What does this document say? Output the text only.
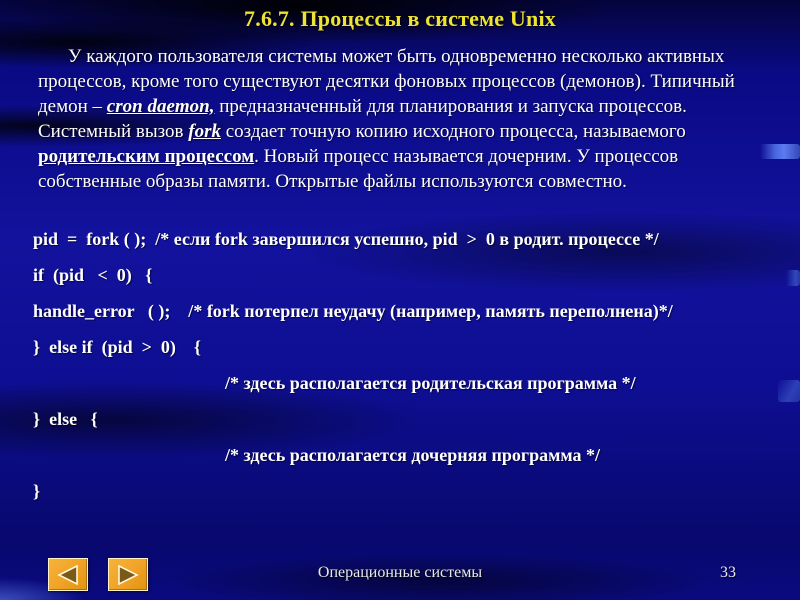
7.6.7. Процессы в системе Unix
У каждого пользователя системы может быть одновременно несколько активных процессов, кроме того существуют десятки фоновых процессов (демонов). Типичный демон – cron daemon, предназначенный для планирования и запуска процессов. Системный вызов fork создает точную копию исходного процесса, называемого родительским процессом. Новый процесс называется дочерним. У процессов собственные образы памяти. Открытые файлы используются совместно.
pid  =  fork ( );  /* если fork завершился успешно, pid  >  0 в родит. процессе */
if  (pid   <  0)   {
handle_error   ( );    /* fork потерпел неудачу (например, память переполнена)*/
}  else if  (pid  >  0)    {
/* здесь располагается родительская программа */
}  else   {
/* здесь располагается дочерняя программа */
}
Операционные системы	33
